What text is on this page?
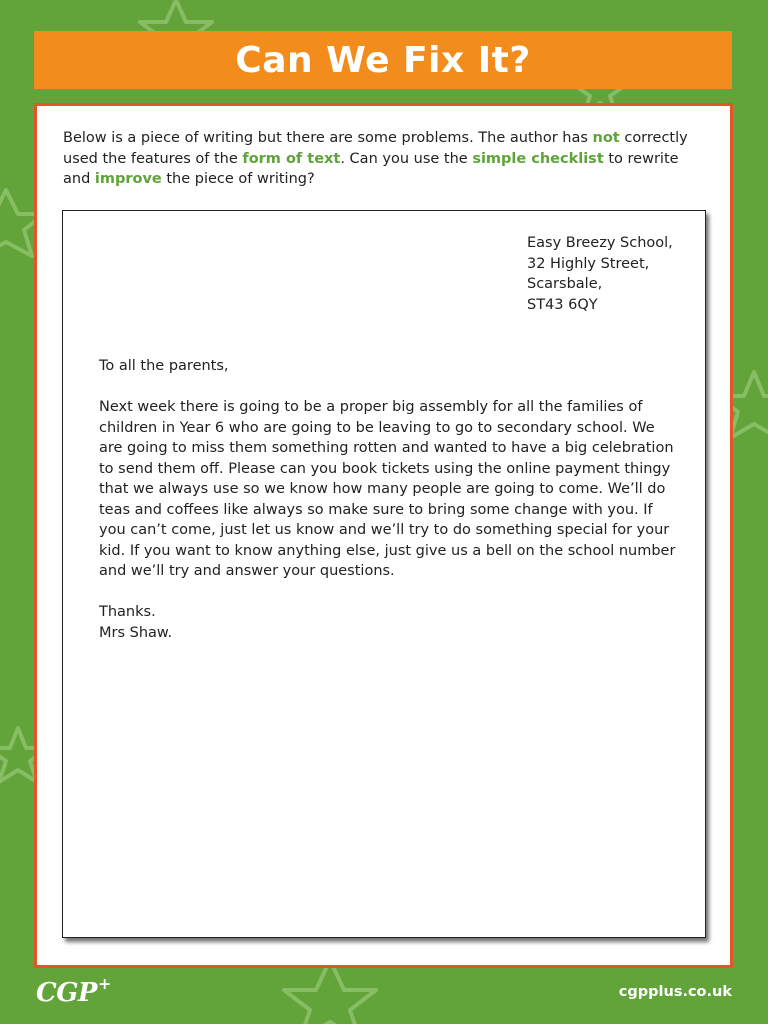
Can We Fix It?
Below is a piece of writing but there are some problems. The author has not correctly used the features of the form of text. Can you use the simple checklist to rewrite and improve the piece of writing?
Easy Breezy School,
32 Highly Street,
Scarsbale,
ST43 6QY

To all the parents,

Next week there is going to be a proper big assembly for all the families of children in Year 6 who are going to be leaving to go to secondary school. We are going to miss them something rotten and wanted to have a big celebration to send them off. Please can you book tickets using the online payment thingy that we always use so we know how many people are going to come. We’ll do teas and coffees like always so make sure to bring some change with you. If you can’t come, just let us know and we’ll try to do something special for your kid. If you want to know anything else, just give us a bell on the school number and we’ll try and answer your questions.

Thanks.
Mrs Shaw.
CGP+	cgpplus.co.uk
